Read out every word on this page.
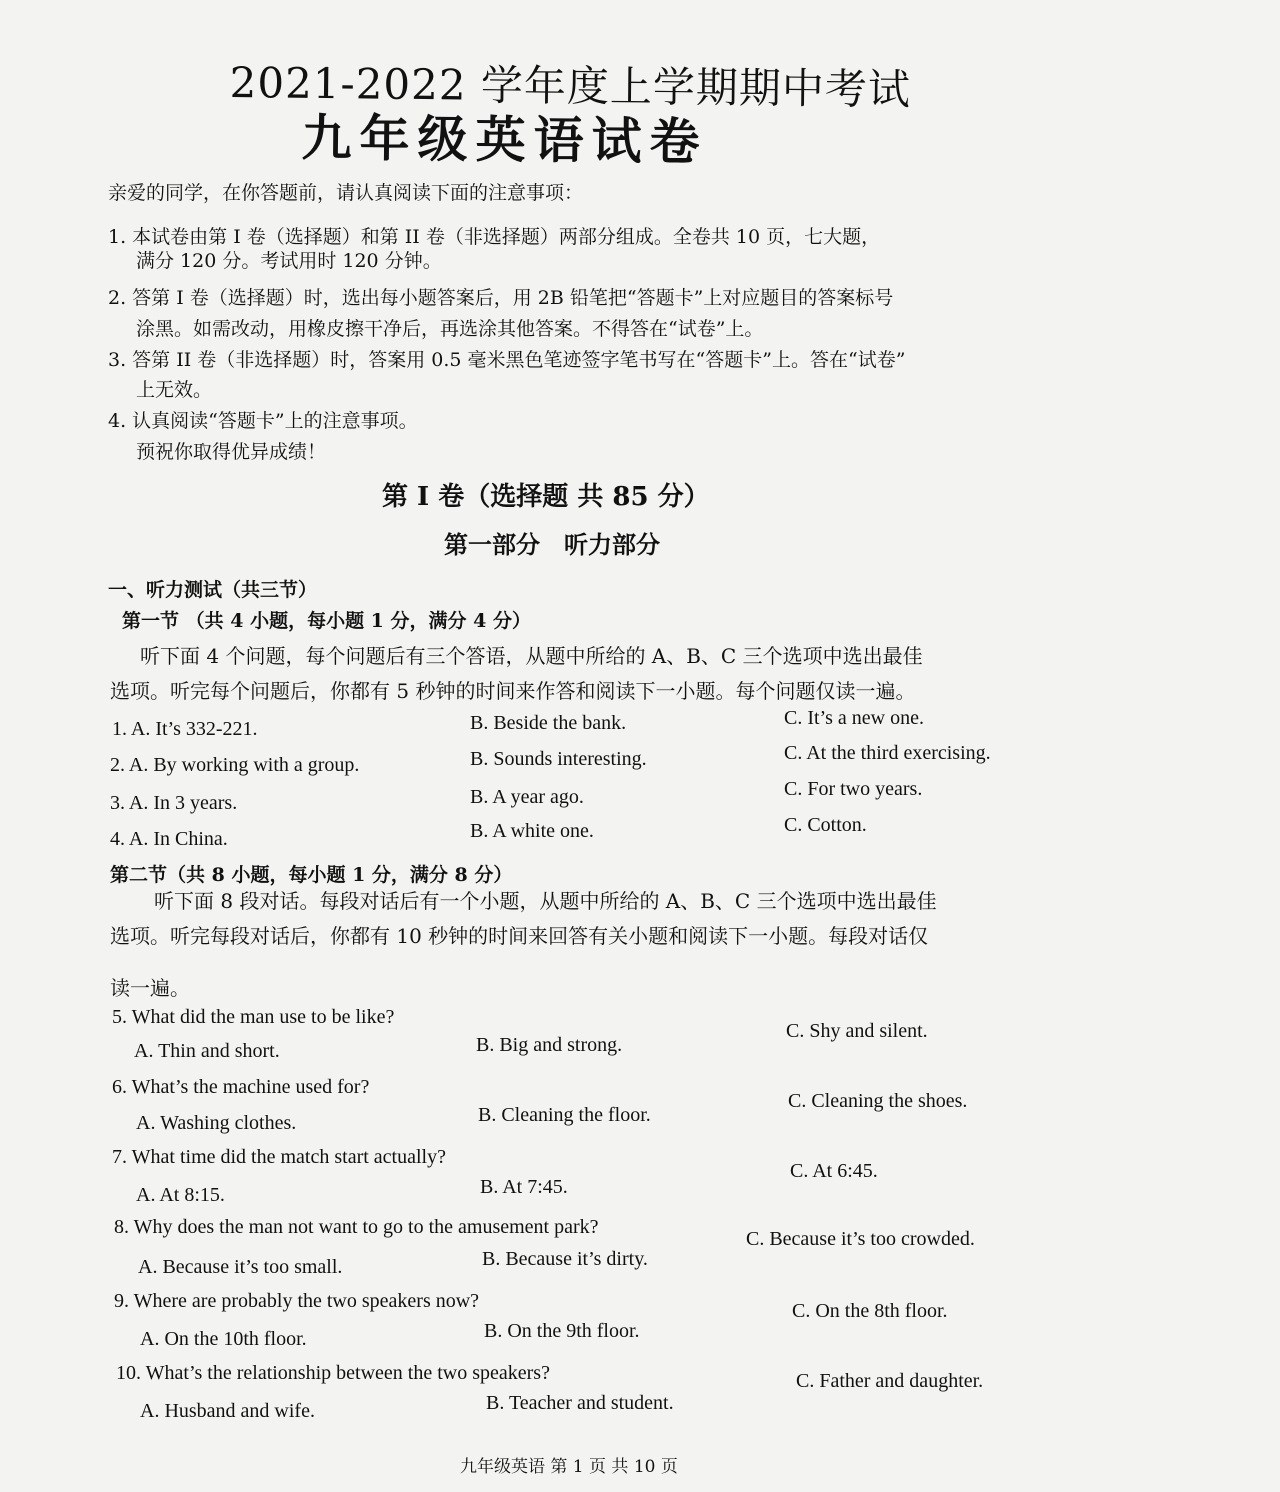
2021-2022 学年度上学期期中考试
九年级英语试卷
亲爱的同学，在你答题前，请认真阅读下面的注意事项：
1. 本试卷由第 I 卷（选择题）和第 II 卷（非选择题）两部分组成。全卷共 10 页，七大题，
满分 120 分。考试用时 120 分钟。
2. 答第 I 卷（选择题）时，选出每小题答案后，用 2B 铅笔把“答题卡”上对应题目的答案标号
涂黑。如需改动，用橡皮擦干净后，再选涂其他答案。不得答在“试卷”上。
3. 答第 II 卷（非选择题）时，答案用 0.5 毫米黑色笔迹签字笔书写在“答题卡”上。答在“试卷”
上无效。
4. 认真阅读“答题卡”上的注意事项。
预祝你取得优异成绩！
第 I 卷（选择题 共 85 分）
第一部分　听力部分
一、听力测试（共三节）
第一节 （共 4 小题，每小题 1 分，满分 4 分）
听下面 4 个问题，每个问题后有三个答语，从题中所给的 A、B、C 三个选项中选出最佳
选项。听完每个问题后，你都有 5 秒钟的时间来作答和阅读下一小题。每个问题仅读一遍。
1. A. It’s 332-221.	B. Beside the bank.	C. It’s a new one.
2. A. By working with a group.	B. Sounds interesting.	C. At the third exercising.
3. A. In 3 years.	B. A year ago.	C. For two years.
4. A. In China.	B. A white one.	C. Cotton.
第二节（共 8 小题，每小题 1 分，满分 8 分）
听下面 8 段对话。每段对话后有一个小题，从题中所给的 A、B、C 三个选项中选出最佳
选项。听完每段对话后，你都有 10 秒钟的时间来回答有关小题和阅读下一小题。每段对话仅
读一遍。
5. What did the man use to be like?
A. Thin and short.	B. Big and strong.
C. Shy and silent.
6. What’s the machine used for?
A. Washing clothes.	B. Cleaning the floor.
C. Cleaning the shoes.
7. What time did the match start actually?
A. At 8:15.	B. At 7:45.
C. At 6:45.
8. Why does the man not want to go to the amusement park?
A. Because it’s too small.	B. Because it’s dirty.
C. Because it’s too crowded.
9. Where are probably the two speakers now?
A. On the 10th floor.	B. On the 9th floor.
C. On the 8th floor.
10. What’s the relationship between the two speakers?
A. Husband and wife.	B. Teacher and student.
C. Father and daughter.
九年级英语 第 1 页 共 10 页
